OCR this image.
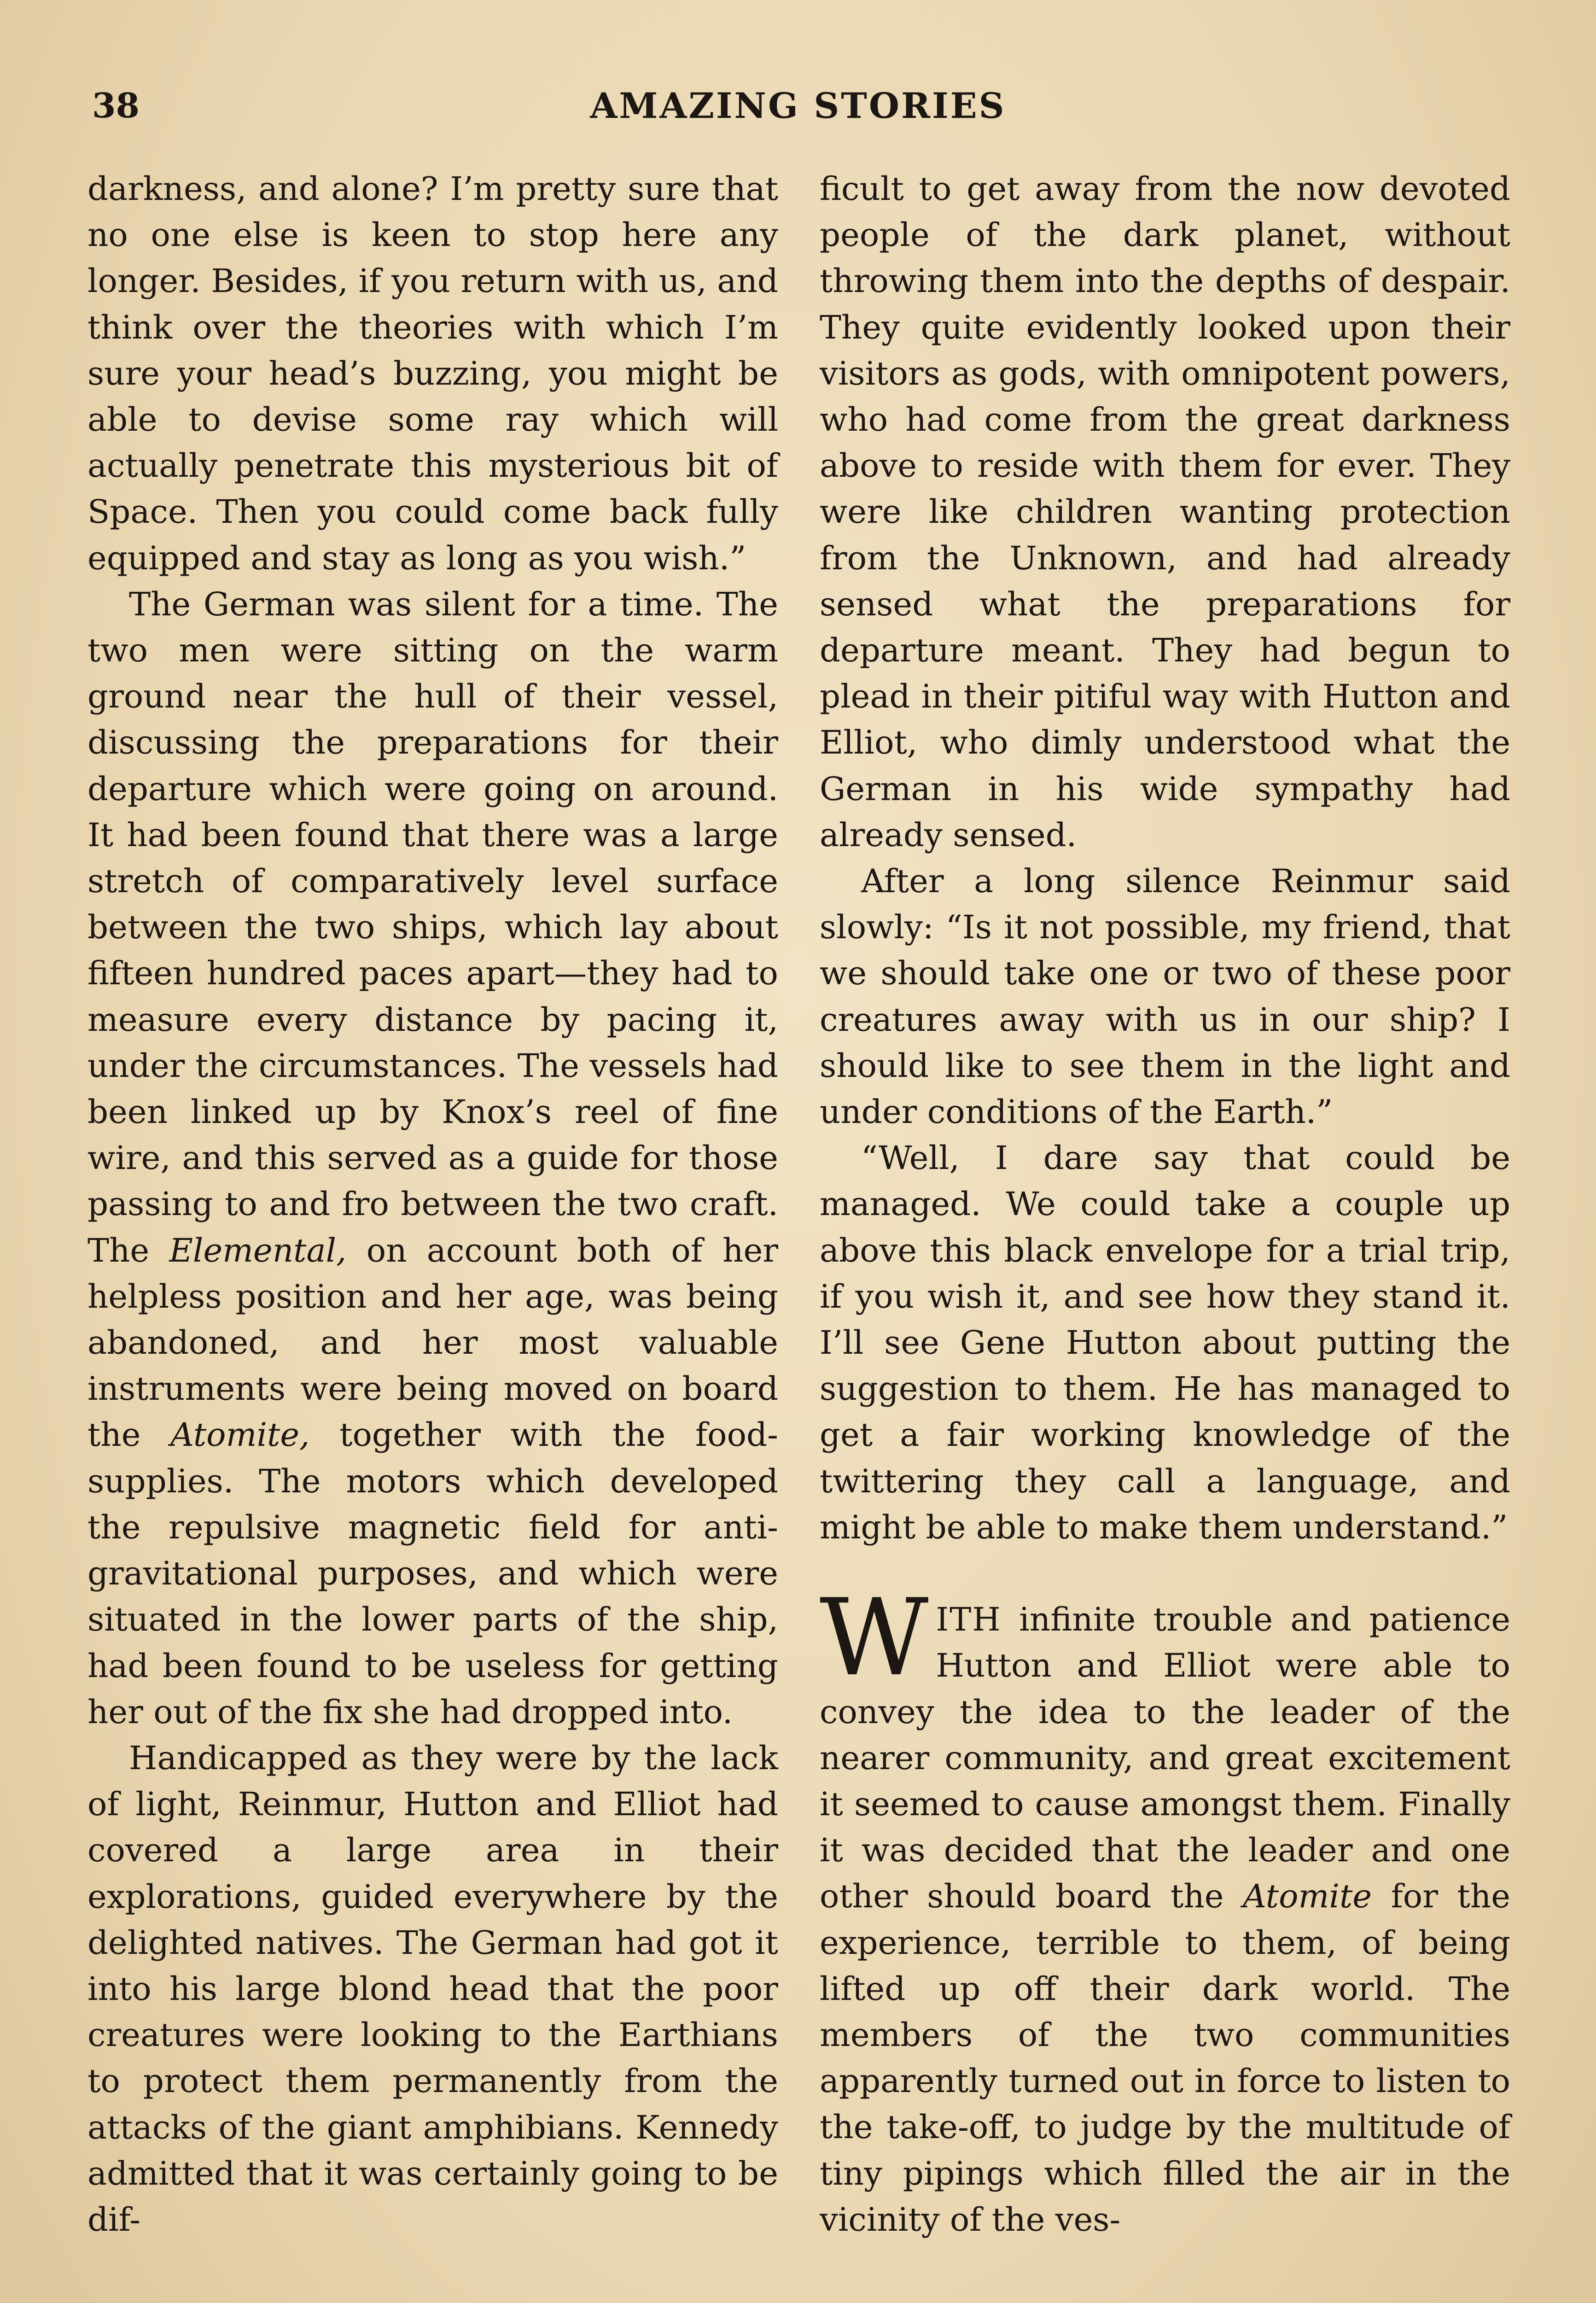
38	AMAZING STORIES

darkness, and alone? I’m pretty sure that no one else is keen to stop here any longer. Besides, if you return with us, and think over the theories with which I’m sure your head’s buzzing, you might be able to devise some ray which will actually penetrate this mysterious bit of Space. Then you could come back fully equipped and stay as long as you wish.”

The German was silent for a time. The two men were sitting on the warm ground near the hull of their vessel, discussing the preparations for their departure which were going on around. It had been found that there was a large stretch of comparatively level surface between the two ships, which lay about fifteen hundred paces apart—they had to measure every distance by pacing it, under the circumstances. The vessels had been linked up by Knox’s reel of fine wire, and this served as a guide for those passing to and fro between the two craft. The Elemental, on account both of her helpless position and her age, was being abandoned, and her most valuable instruments were being moved on board the Atomite, together with the food-supplies. The motors which developed the repulsive magnetic field for anti-gravitational purposes, and which were situated in the lower parts of the ship, had been found to be useless for getting her out of the fix she had dropped into.

Handicapped as they were by the lack of light, Reinmur, Hutton and Elliot had covered a large area in their explorations, guided everywhere by the delighted natives. The German had got it into his large blond head that the poor creatures were looking to the Earthians to protect them permanently from the attacks of the giant amphibians. Kennedy admitted that it was certainly going to be dif-

ficult to get away from the now devoted people of the dark planet, without throwing them into the depths of despair. They quite evidently looked upon their visitors as gods, with omnipotent powers, who had come from the great darkness above to reside with them for ever. They were like children wanting protection from the Unknown, and had already sensed what the preparations for departure meant. They had begun to plead in their pitiful way with Hutton and Elliot, who dimly understood what the German in his wide sympathy had already sensed.

After a long silence Reinmur said slowly: “Is it not possible, my friend, that we should take one or two of these poor creatures away with us in our ship? I should like to see them in the light and under conditions of the Earth.”

“Well, I dare say that could be managed. We could take a couple up above this black envelope for a trial trip, if you wish it, and see how they stand it. I’ll see Gene Hutton about putting the suggestion to them. He has managed to get a fair working knowledge of the twittering they call a language, and might be able to make them understand.”

WITH infinite trouble and patience Hutton and Elliot were able to convey the idea to the leader of the nearer community, and great excitement it seemed to cause amongst them. Finally it was decided that the leader and one other should board the Atomite for the experience, terrible to them, of being lifted up off their dark world. The members of the two communities apparently turned out in force to listen to the take-off, to judge by the multitude of tiny pipings which filled the air in the vicinity of the ves-
